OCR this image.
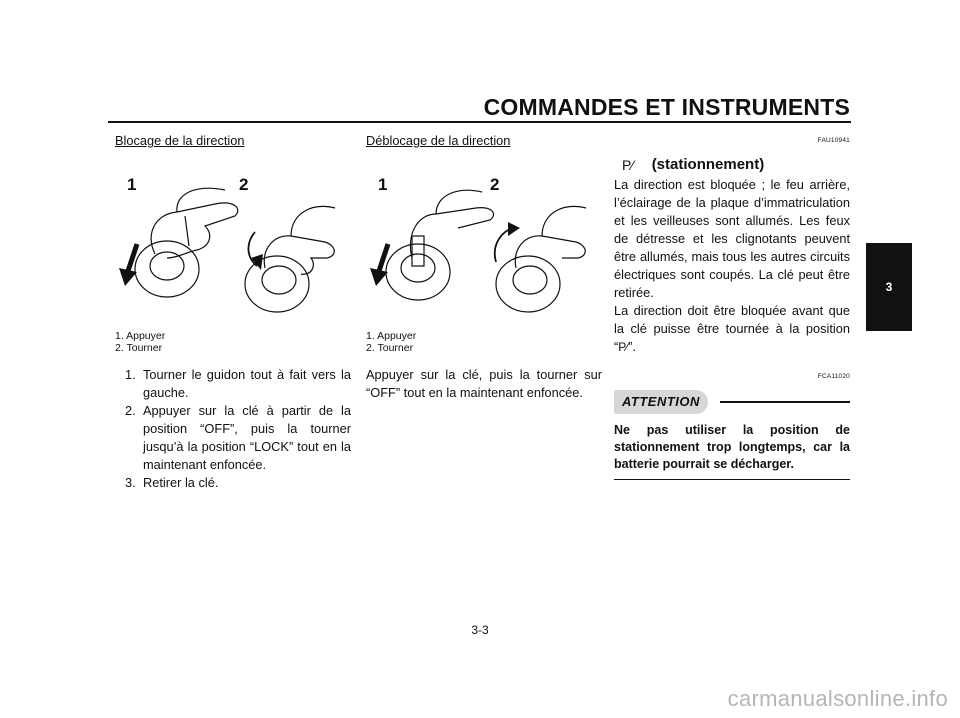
COMMANDES ET INSTRUMENTS
Blocage de la direction
1	2
1. Appuyer
2. Tourner
1. Tourner le guidon tout à fait vers la gauche.
2. Appuyer sur la clé à partir de la position “OFF”, puis la tourner jusqu’à la position “LOCK” tout en la maintenant enfoncée.
3. Retirer la clé.
Déblocage de la direction
1	2
1. Appuyer
2. Tourner
Appuyer sur la clé, puis la tourner sur “OFF” tout en la maintenant enfoncée.
FAU10941
P⁄ (stationnement)
La direction est bloquée ; le feu arrière, l’éclairage de la plaque d’immatriculation et les veilleuses sont allumés. Les feux de détresse et les clignotants peuvent être allumés, mais tous les autres circuits électriques sont coupés. La clé peut être retirée.
La direction doit être bloquée avant que la clé puisse être tournée à la position “P⁄”.
FCA11020
ATTENTION
Ne pas utiliser la position de stationnement trop longtemps, car la batterie pourrait se décharger.
3-3
3
carmanualsonline.info
